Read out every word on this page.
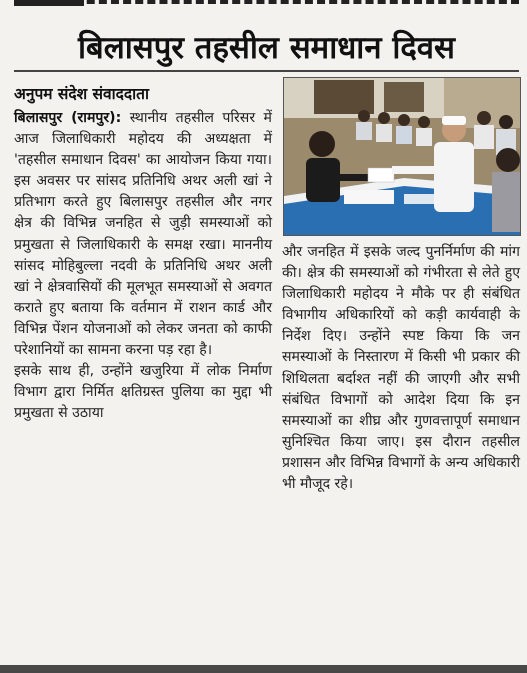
बिलासपुर तहसील समाधान दिवस
अनुपम संदेश संवाददाता

बिलासपुर (रामपुर): स्थानीय तहसील परिसर में आज जिलाधिकारी महोदय की अध्यक्षता में 'तहसील समाधान दिवस' का आयोजन किया गया। इस अवसर पर सांसद प्रतिनिधि अथर अली खां ने प्रतिभाग करते हुए बिलासपुर तहसील और नगर क्षेत्र की विभिन्न जनहित से जुड़ी समस्याओं को प्रमुखता से जिलाधिकारी के समक्ष रखा। माननीय सांसद मोहिबुल्ला नदवी के प्रतिनिधि अथर अली खां ने क्षेत्रवासियों की मूलभूत समस्याओं से अवगत कराते हुए बताया कि वर्तमान में राशन कार्ड और विभिन्न पेंशन योजनाओं को लेकर जनता को काफी परेशानियों का सामना करना पड़ रहा है।

इसके साथ ही, उन्होंने खजुरिया में लोक निर्माण विभाग द्वारा निर्मित क्षतिग्रस्त पुलिया का मुद्दा भी प्रमुखता से उठाया

और जनहित में इसके जल्द पुनर्निर्माण की मांग की। क्षेत्र की समस्याओं को गंभीरता से लेते हुए जिलाधिकारी महोदय ने मौके पर ही संबंधित विभागीय अधिकारियों को कड़ी कार्यवाही के निर्देश दिए। उन्होंने स्पष्ट किया कि जन समस्याओं के निस्तारण में किसी भी प्रकार की शिथिलता बर्दाश्त नहीं की जाएगी और सभी संबंधित विभागों को आदेश दिया कि इन समस्याओं का शीघ्र और गुणवत्तापूर्ण समाधान सुनिश्चित किया जाए। इस दौरान तहसील प्रशासन और विभिन्न विभागों के अन्य अधिकारी भी मौजूद रहे।
